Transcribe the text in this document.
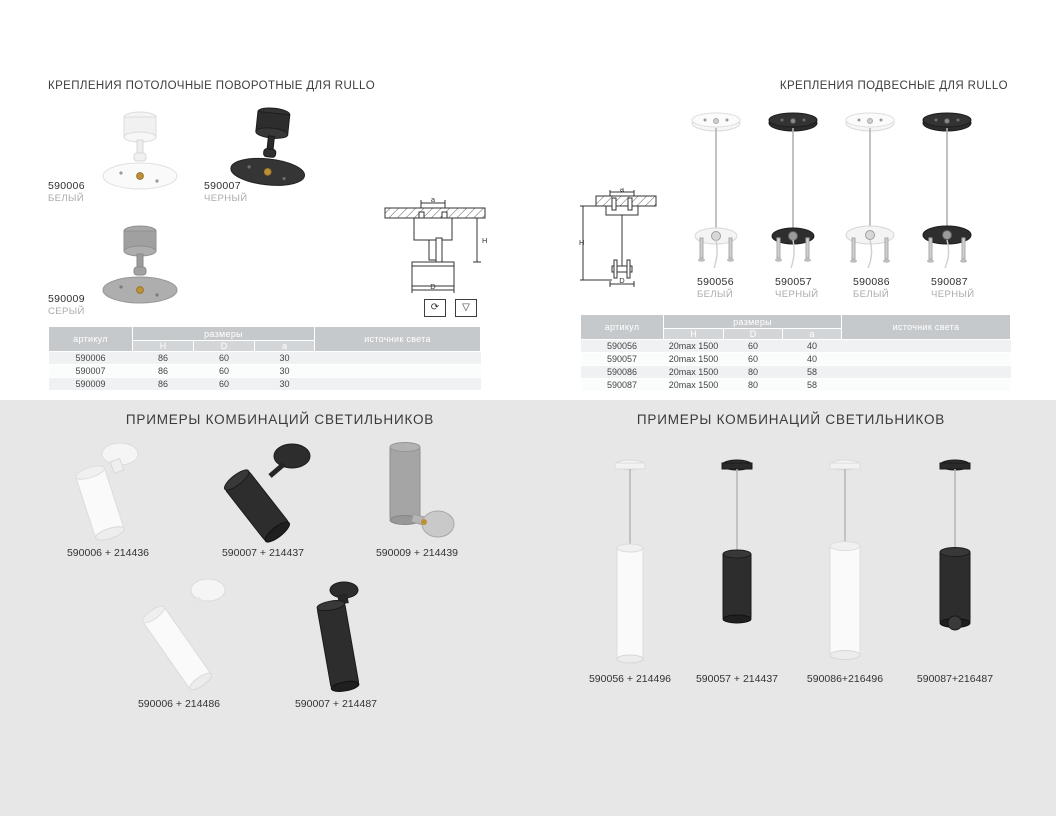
КРЕПЛЕНИЯ ПОТОЛОЧНЫЕ ПОВОРОТНЫЕ ДЛЯ RULLO	КРЕПЛЕНИЯ ПОДВЕСНЫЕ ДЛЯ RULLO
590006
БЕЛЫЙ
590007
ЧЕРНЫЙ
590009
СЕРЫЙ
a
H
D
⟳	▽
артикул	размеры			источник света
	H	D	a	
590006	86	60	30	
590007	86	60	30	
590009	86	60	30	
a
H
D	590056
БЕЛЫЙ
590057
ЧЕРНЫЙ
590086
БЕЛЫЙ
590087
ЧЕРНЫЙ
артикул	размеры			источник света
	H	D	a	
590056	20max 1500	60	40	
590057	20max 1500	60	40	
590086	20max 1500	80	58	
590087	20max 1500	80	58	
ПРИМЕРЫ КОМБИНАЦИЙ СВЕТИЛЬНИКОВ	ПРИМЕРЫ КОМБИНАЦИЙ СВЕТИЛЬНИКОВ
590006 + 214436	590007 + 214437	590009 + 214439
590006 + 214486	590007 + 214487
590056 + 214496	590057 + 214437	590086+216496	590087+216487
